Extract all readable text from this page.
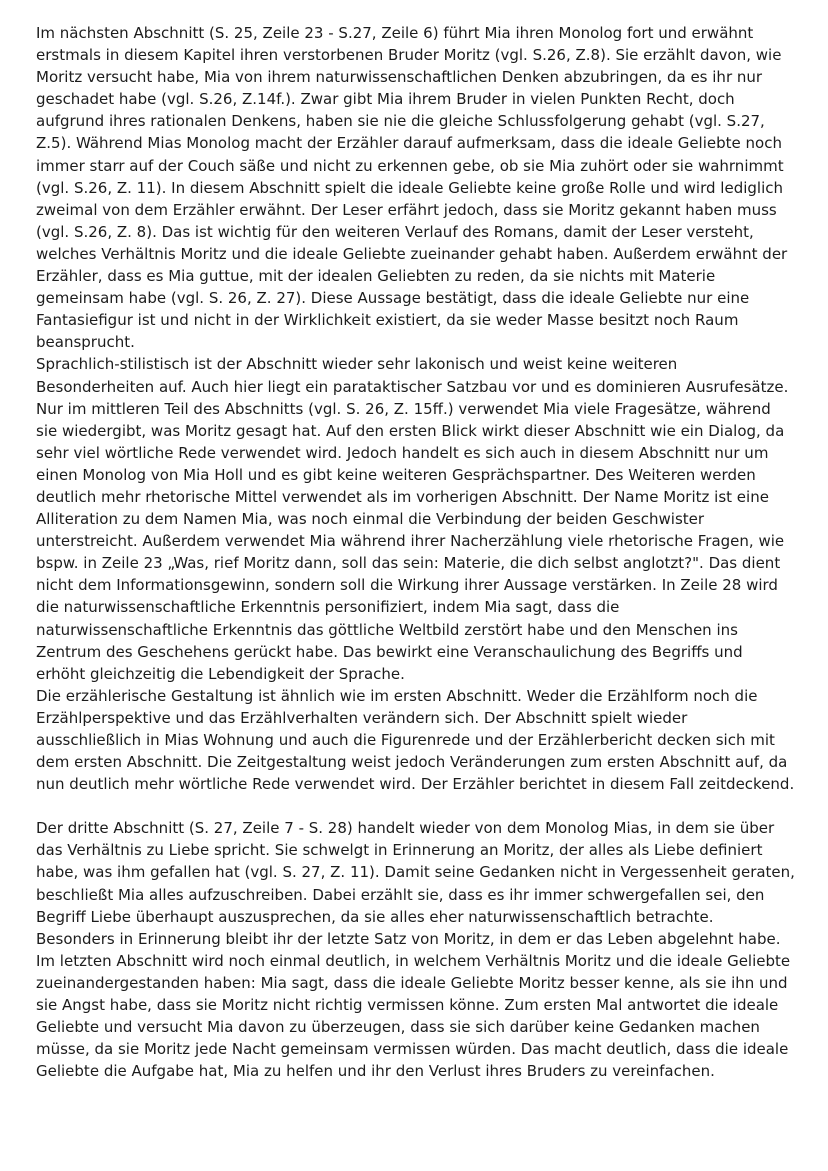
Im nächsten Abschnitt (S. 25, Zeile 23 - S.27, Zeile 6) führt Mia ihren Monolog fort und erwähnt erstmals in diesem Kapitel ihren verstorbenen Bruder Moritz (vgl. S.26, Z.8). Sie erzählt davon, wie Moritz versucht habe, Mia von ihrem naturwissenschaftlichen Denken abzubringen, da es ihr nur geschadet habe (vgl. S.26, Z.14f.). Zwar gibt Mia ihrem Bruder in vielen Punkten Recht, doch aufgrund ihres rationalen Denkens, haben sie nie die gleiche Schlussfolgerung gehabt (vgl. S.27, Z.5). Während Mias Monolog macht der Erzähler darauf aufmerksam, dass die ideale Geliebte noch immer starr auf der Couch säße und nicht zu erkennen gebe, ob sie Mia zuhört oder sie wahrnimmt (vgl. S.26, Z. 11). In diesem Abschnitt spielt die ideale Geliebte keine große Rolle und wird lediglich zweimal von dem Erzähler erwähnt. Der Leser erfährt jedoch, dass sie Moritz gekannt haben muss (vgl. S.26, Z. 8). Das ist wichtig für den weiteren Verlauf des Romans, damit der Leser versteht, welches Verhältnis Moritz und die ideale Geliebte zueinander gehabt haben. Außerdem erwähnt der Erzähler, dass es Mia guttue, mit der idealen Geliebten zu reden, da sie nichts mit Materie gemeinsam habe (vgl. S. 26, Z. 27). Diese Aussage bestätigt, dass die ideale Geliebte nur eine Fantasiefigur ist und nicht in der Wirklichkeit existiert, da sie weder Masse besitzt noch Raum beansprucht.

Sprachlich-stilistisch ist der Abschnitt wieder sehr lakonisch und weist keine weiteren Besonderheiten auf. Auch hier liegt ein parataktischer Satzbau vor und es dominieren Ausrufesätze. Nur im mittleren Teil des Abschnitts (vgl. S. 26, Z. 15ff.) verwendet Mia viele Fragesätze, während sie wiedergibt, was Moritz gesagt hat. Auf den ersten Blick wirkt dieser Abschnitt wie ein Dialog, da sehr viel wörtliche Rede verwendet wird. Jedoch handelt es sich auch in diesem Abschnitt nur um einen Monolog von Mia Holl und es gibt keine weiteren Gesprächspartner. Des Weiteren werden deutlich mehr rhetorische Mittel verwendet als im vorherigen Abschnitt. Der Name Moritz ist eine Alliteration zu dem Namen Mia, was noch einmal die Verbindung der beiden Geschwister unterstreicht. Außerdem verwendet Mia während ihrer Nacherzählung viele rhetorische Fragen, wie bspw. in Zeile 23 „Was, rief Moritz dann, soll das sein: Materie, die dich selbst anglotzt?". Das dient nicht dem Informationsgewinn, sondern soll die Wirkung ihrer Aussage verstärken. In Zeile 28 wird die naturwissenschaftliche Erkenntnis personifiziert, indem Mia sagt, dass die naturwissenschaftliche Erkenntnis das göttliche Weltbild zerstört habe und den Menschen ins Zentrum des Geschehens gerückt habe. Das bewirkt eine Veranschaulichung des Begriffs und erhöht gleichzeitig die Lebendigkeit der Sprache.

Die erzählerische Gestaltung ist ähnlich wie im ersten Abschnitt. Weder die Erzählform noch die Erzählperspektive und das Erzählverhalten verändern sich. Der Abschnitt spielt wieder ausschließlich in Mias Wohnung und auch die Figurenrede und der Erzählerbericht decken sich mit dem ersten Abschnitt. Die Zeitgestaltung weist jedoch Veränderungen zum ersten Abschnitt auf, da nun deutlich mehr wörtliche Rede verwendet wird. Der Erzähler berichtet in diesem Fall zeitdeckend.

Der dritte Abschnitt (S. 27, Zeile 7 - S. 28) handelt wieder von dem Monolog Mias, in dem sie über das Verhältnis zu Liebe spricht. Sie schwelgt in Erinnerung an Moritz, der alles als Liebe definiert habe, was ihm gefallen hat (vgl. S. 27, Z. 11). Damit seine Gedanken nicht in Vergessenheit geraten, beschließt Mia alles aufzuschreiben. Dabei erzählt sie, dass es ihr immer schwergefallen sei, den Begriff Liebe überhaupt auszusprechen, da sie alles eher naturwissenschaftlich betrachte. Besonders in Erinnerung bleibt ihr der letzte Satz von Moritz, in dem er das Leben abgelehnt habe. Im letzten Abschnitt wird noch einmal deutlich, in welchem Verhältnis Moritz und die ideale Geliebte zueinandergestanden haben: Mia sagt, dass die ideale Geliebte Moritz besser kenne, als sie ihn und sie Angst habe, dass sie Moritz nicht richtig vermissen könne. Zum ersten Mal antwortet die ideale Geliebte und versucht Mia davon zu überzeugen, dass sie sich darüber keine Gedanken machen müsse, da sie Moritz jede Nacht gemeinsam vermissen würden. Das macht deutlich, dass die ideale Geliebte die Aufgabe hat, Mia zu helfen und ihr den Verlust ihres Bruders zu vereinfachen.
